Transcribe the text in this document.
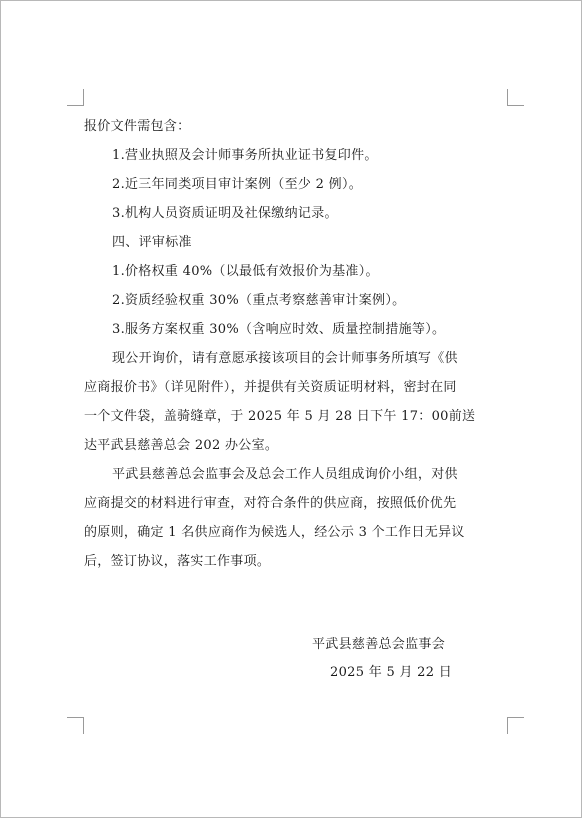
报价文件需包含：
1.营业执照及会计师事务所执业证书复印件。
2.近三年同类项目审计案例（至少 2 例）。
3.机构人员资质证明及社保缴纳记录。
四、评审标准
1.价格权重 40%（以最低有效报价为基准）。
2.资质经验权重 30%（重点考察慈善审计案例）。
3.服务方案权重 30%（含响应时效、质量控制措施等）。
现公开询价，请有意愿承接该项目的会计师事务所填写《供
应商报价书》（详见附件），并提供有关资质证明材料，密封在同
一个文件袋，盖骑缝章，于 2025 年 5 月 28 日下午 17：00前送
达平武县慈善总会 202 办公室。
平武县慈善总会监事会及总会工作人员组成询价小组，对供
应商提交的材料进行审查，对符合条件的供应商，按照低价优先
的原则，确定 1 名供应商作为候选人，经公示 3 个工作日无异议
后，签订协议，落实工作事项。
平武县慈善总会监事会
2025 年 5 月 22 日
